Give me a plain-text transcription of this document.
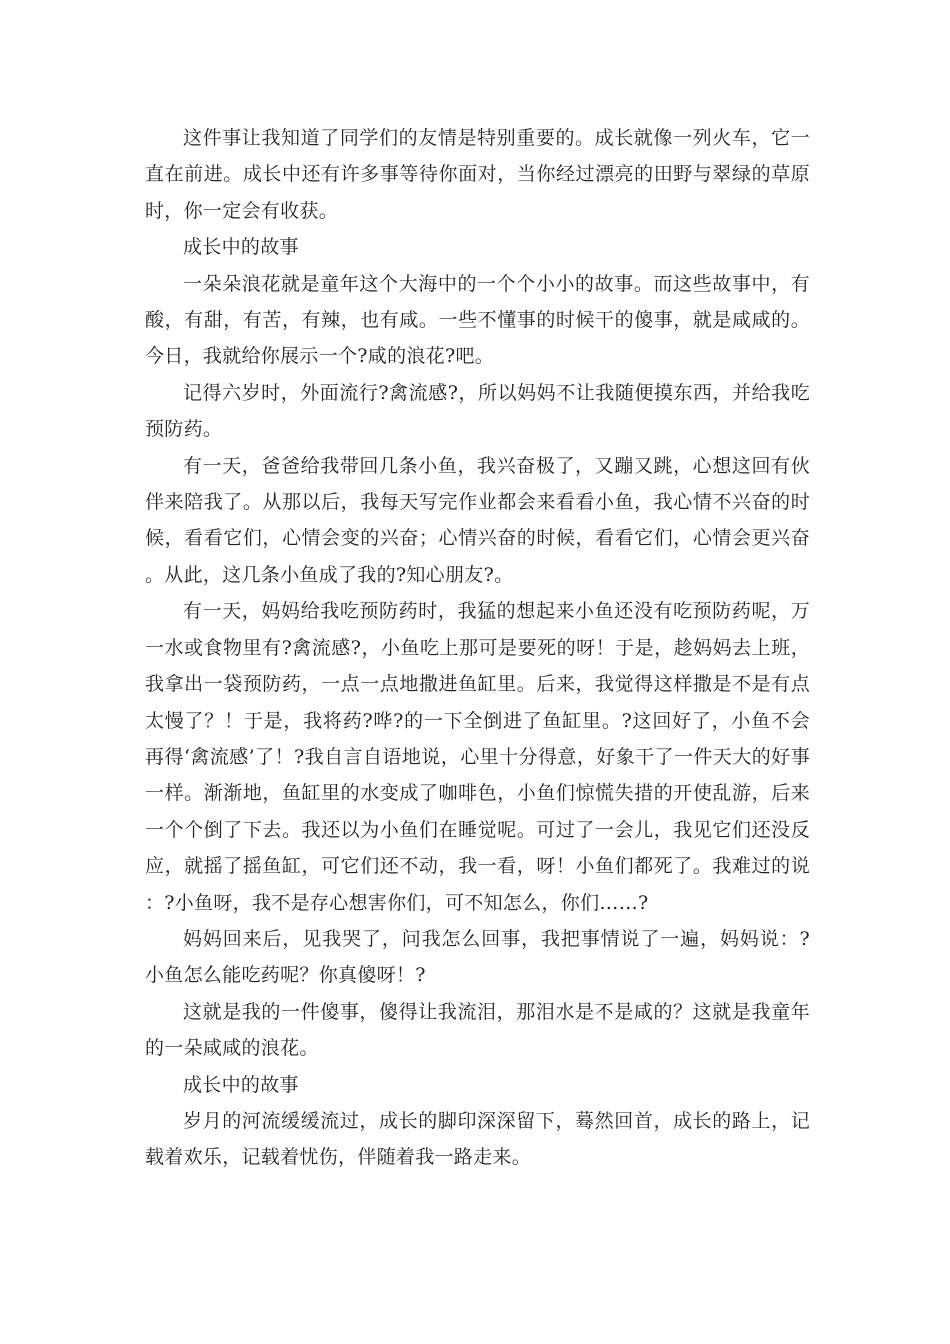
这件事让我知道了同学们的友情是特别重要的。成长就像一列火车，它一直在前进。成长中还有许多事等待你面对，当你经过漂亮的田野与翠绿的草原时，你一定会有收获。

成长中的故事

一朵朵浪花就是童年这个大海中的一个个小小的故事。而这些故事中，有酸，有甜，有苦，有辣，也有咸。一些不懂事的时候干的傻事，就是咸咸的。今日，我就给你展示一个?咸的浪花?吧。

记得六岁时，外面流行?禽流感?，所以妈妈不让我随便摸东西，并给我吃预防药。

有一天，爸爸给我带回几条小鱼，我兴奋极了，又蹦又跳，心想这回有伙伴来陪我了。从那以后，我每天写完作业都会来看看小鱼，我心情不兴奋的时候，看看它们，心情会变的兴奋；心情兴奋的时候，看看它们，心情会更兴奋。从此，这几条小鱼成了我的?知心朋友?。

有一天，妈妈给我吃预防药时，我猛的想起来小鱼还没有吃预防药呢，万一水或食物里有?禽流感?，小鱼吃上那可是要死的呀！于是，趁妈妈去上班，我拿出一袋预防药，一点一点地撒进鱼缸里。后来，我觉得这样撒是不是有点太慢了？！于是，我将药?哗?的一下全倒进了鱼缸里。?这回好了，小鱼不会再得‘禽流感’了！?我自言自语地说，心里十分得意，好象干了一件天大的好事一样。渐渐地，鱼缸里的水变成了咖啡色，小鱼们惊慌失措的开使乱游，后来一个个倒了下去。我还以为小鱼们在睡觉呢。可过了一会儿，我见它们还没反应，就摇了摇鱼缸，可它们还不动，我一看，呀！小鱼们都死了。我难过的说：?小鱼呀，我不是存心想害你们，可不知怎么，你们……?

妈妈回来后，见我哭了，问我怎么回事，我把事情说了一遍，妈妈说：?小鱼怎么能吃药呢？你真傻呀！?

这就是我的一件傻事，傻得让我流泪，那泪水是不是咸的？这就是我童年的一朵咸咸的浪花。

成长中的故事

岁月的河流缓缓流过，成长的脚印深深留下，蓦然回首，成长的路上，记载着欢乐，记载着忧伤，伴随着我一路走来。
